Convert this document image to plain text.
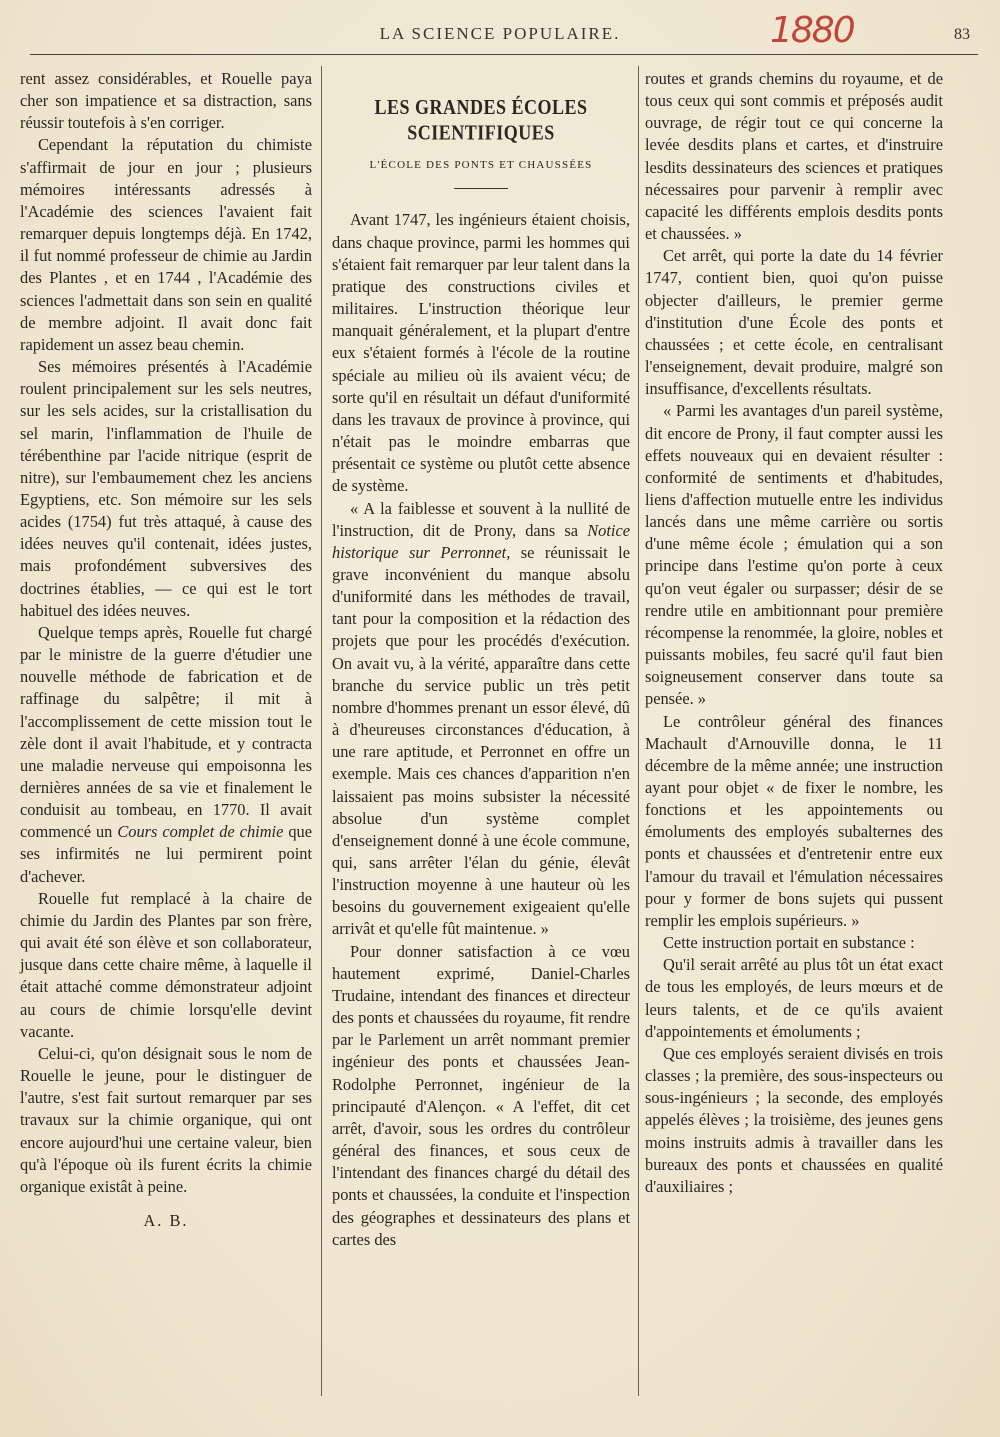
LA SCIENCE POPULAIRE.	1880	83

rent assez considérables, et Rouelle paya cher son impatience et sa distraction, sans réussir toutefois à s'en corriger.

Cependant la réputation du chimiste s'affirmait de jour en jour ; plusieurs mémoires intéressants adressés à l'Académie des sciences l'avaient fait remarquer depuis longtemps déjà. En 1742, il fut nommé professeur de chimie au Jardin des Plantes , et en 1744 , l'Académie des sciences l'admettait dans son sein en qualité de membre adjoint. Il avait donc fait rapidement un assez beau chemin.

Ses mémoires présentés à l'Académie roulent principalement sur les sels neutres, sur les sels acides, sur la cristallisation du sel marin, l'inflammation de l'huile de térébenthine par l'acide nitrique (esprit de nitre), sur l'embaumement chez les anciens Egyptiens, etc. Son mémoire sur les sels acides (1754) fut très attaqué, à cause des idées neuves qu'il contenait, idées justes, mais profondément subversives des doctrines établies, — ce qui est le tort habituel des idées neuves.

Quelque temps après, Rouelle fut chargé par le ministre de la guerre d'étudier une nouvelle méthode de fabrication et de raffinage du salpêtre; il mit à l'accomplissement de cette mission tout le zèle dont il avait l'habitude, et y contracta une maladie nerveuse qui empoisonna les dernières années de sa vie et finalement le conduisit au tombeau, en 1770. Il avait commencé un Cours complet de chimie que ses infirmités ne lui permirent point d'achever.

Rouelle fut remplacé à la chaire de chimie du Jardin des Plantes par son frère, qui avait été son élève et son collaborateur, jusque dans cette chaire même, à laquelle il était attaché comme démonstrateur adjoint au cours de chimie lorsqu'elle devint vacante.

Celui-ci, qu'on désignait sous le nom de Rouelle le jeune, pour le distinguer de l'autre, s'est fait surtout remarquer par ses travaux sur la chimie organique, qui ont encore aujourd'hui une certaine valeur, bien qu'à l'époque où ils furent écrits la chimie organique existât à peine.

A. B.
LES GRANDES ÉCOLES SCIENTIFIQUES
L'ÉCOLE DES PONTS ET CHAUSSÉES

Avant 1747, les ingénieurs étaient choisis, dans chaque province, parmi les hommes qui s'étaient fait remarquer par leur talent dans la pratique des constructions civiles et militaires. L'instruction théorique leur manquait généralement, et la plupart d'entre eux s'étaient formés à l'école de la routine spéciale au milieu où ils avaient vécu; de sorte qu'il en résultait un défaut d'uniformité dans les travaux de province à province, qui n'était pas le moindre embarras que présentait ce système ou plutôt cette absence de système.

« A la faiblesse et souvent à la nullité de l'instruction, dit de Prony, dans sa Notice historique sur Perronnet, se réunissait le grave inconvénient du manque absolu d'uniformité dans les méthodes de travail, tant pour la composition et la rédaction des projets que pour les procédés d'exécution. On avait vu, à la vérité, apparaître dans cette branche du service public un très petit nombre d'hommes prenant un essor élevé, dû à d'heureuses circonstances d'éducation, à une rare aptitude, et Perronnet en offre un exemple. Mais ces chances d'apparition n'en laissaient pas moins subsister la nécessité absolue d'un système complet d'enseignement donné à une école commune, qui, sans arrêter l'élan du génie, élevât l'instruction moyenne à une hauteur où les besoins du gouvernement exigeaient qu'elle arrivât et qu'elle fût maintenue. »

Pour donner satisfaction à ce vœu hautement exprimé, Daniel-Charles Trudaine, intendant des finances et directeur des ponts et chaussées du royaume, fit rendre par le Parlement un arrêt nommant premier ingénieur des ponts et chaussées Jean-Rodolphe Perronnet, ingénieur de la principauté d'Alençon. « A l'effet, dit cet arrêt, d'avoir, sous les ordres du contrôleur général des finances, et sous ceux de l'intendant des finances chargé du détail des ponts et chaussées, la conduite et l'inspection des géographes et dessinateurs des plans et cartes des

routes et grands chemins du royaume, et de tous ceux qui sont commis et préposés audit ouvrage, de régir tout ce qui concerne la levée desdits plans et cartes, et d'instruire lesdits dessinateurs des sciences et pratiques nécessaires pour parvenir à remplir avec capacité les différents emplois desdits ponts et chaussées. »

Cet arrêt, qui porte la date du 14 février 1747, contient bien, quoi qu'on puisse objecter d'ailleurs, le premier germe d'institution d'une École des ponts et chaussées ; et cette école, en centralisant l'enseignement, devait produire, malgré son insuffisance, d'excellents résultats.

« Parmi les avantages d'un pareil système, dit encore de Prony, il faut compter aussi les effets nouveaux qui en devaient résulter : conformité de sentiments et d'habitudes, liens d'affection mutuelle entre les individus lancés dans une même carrière ou sortis d'une même école ; émulation qui a son principe dans l'estime qu'on porte à ceux qu'on veut égaler ou surpasser; désir de se rendre utile en ambitionnant pour première récompense la renommée, la gloire, nobles et puissants mobiles, feu sacré qu'il faut bien soigneusement conserver dans toute sa pensée. »

Le contrôleur général des finances Machault d'Arnouville donna, le 11 décembre de la même année; une instruction ayant pour objet « de fixer le nombre, les fonctions et les appointements ou émoluments des employés subalternes des ponts et chaussées et d'entretenir entre eux l'amour du travail et l'émulation nécessaires pour y former de bons sujets qui pussent remplir les emplois supérieurs. »

Cette instruction portait en substance :

Qu'il serait arrêté au plus tôt un état exact de tous les employés, de leurs mœurs et de leurs talents, et de ce qu'ils avaient d'appointements et émoluments ;

Que ces employés seraient divisés en trois classes ; la première, des sous-inspecteurs ou sous-ingénieurs ; la seconde, des employés appelés élèves ; la troisième, des jeunes gens moins instruits admis à travailler dans les bureaux des ponts et chaussées en qualité d'auxiliaires ;
